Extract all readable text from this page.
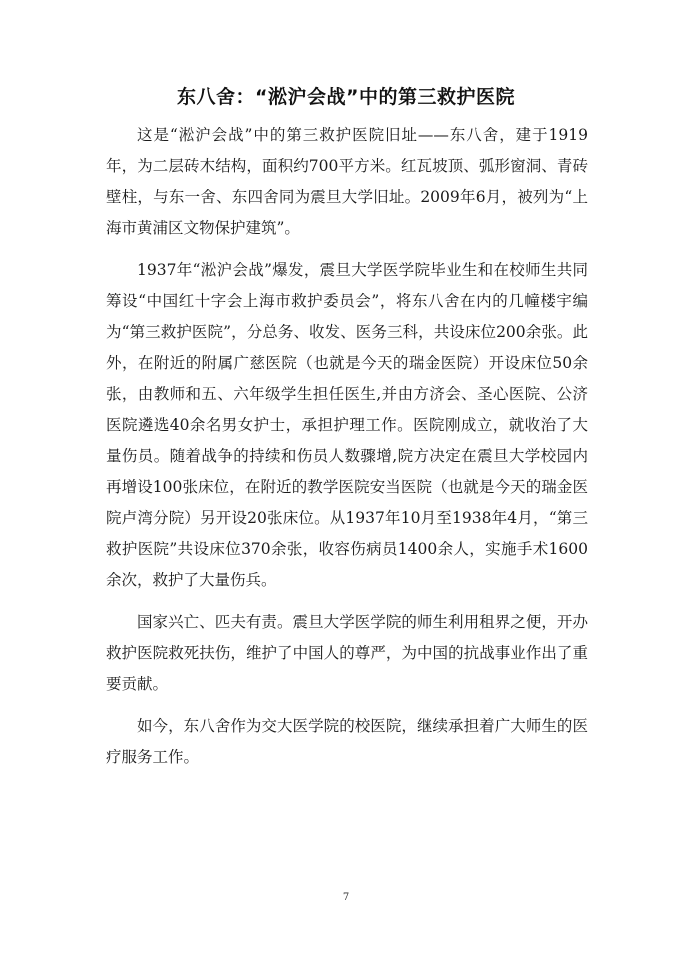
东八舍：“淞沪会战”中的第三救护医院

这是“淞沪会战”中的第三救护医院旧址——东八舍，建于1919年，为二层砖木结构，面积约700平方米。红瓦坡顶、弧形窗洞、青砖壁柱，与东一舍、东四舍同为震旦大学旧址。2009年6月，被列为“上海市黄浦区文物保护建筑”。

1937年“淞沪会战”爆发，震旦大学医学院毕业生和在校师生共同筹设“中国红十字会上海市救护委员会”，将东八舍在内的几幢楼宇编为“第三救护医院”，分总务、收发、医务三科，共设床位200余张。此外，在附近的附属广慈医院（也就是今天的瑞金医院）开设床位50余张，由教师和五、六年级学生担任医生,并由方济会、圣心医院、公济医院遴选40余名男女护士，承担护理工作。医院刚成立，就收治了大量伤员。随着战争的持续和伤员人数骤增,院方决定在震旦大学校园内再增设100张床位，在附近的教学医院安当医院（也就是今天的瑞金医院卢湾分院）另开设20张床位。从1937年10月至1938年4月，“第三救护医院”共设床位370余张，收容伤病员1400余人，实施手术1600余次，救护了大量伤兵。

国家兴亡、匹夫有责。震旦大学医学院的师生利用租界之便，开办救护医院救死扶伤，维护了中国人的尊严，为中国的抗战事业作出了重要贡献。

如今，东八舍作为交大医学院的校医院，继续承担着广大师生的医疗服务工作。

7
